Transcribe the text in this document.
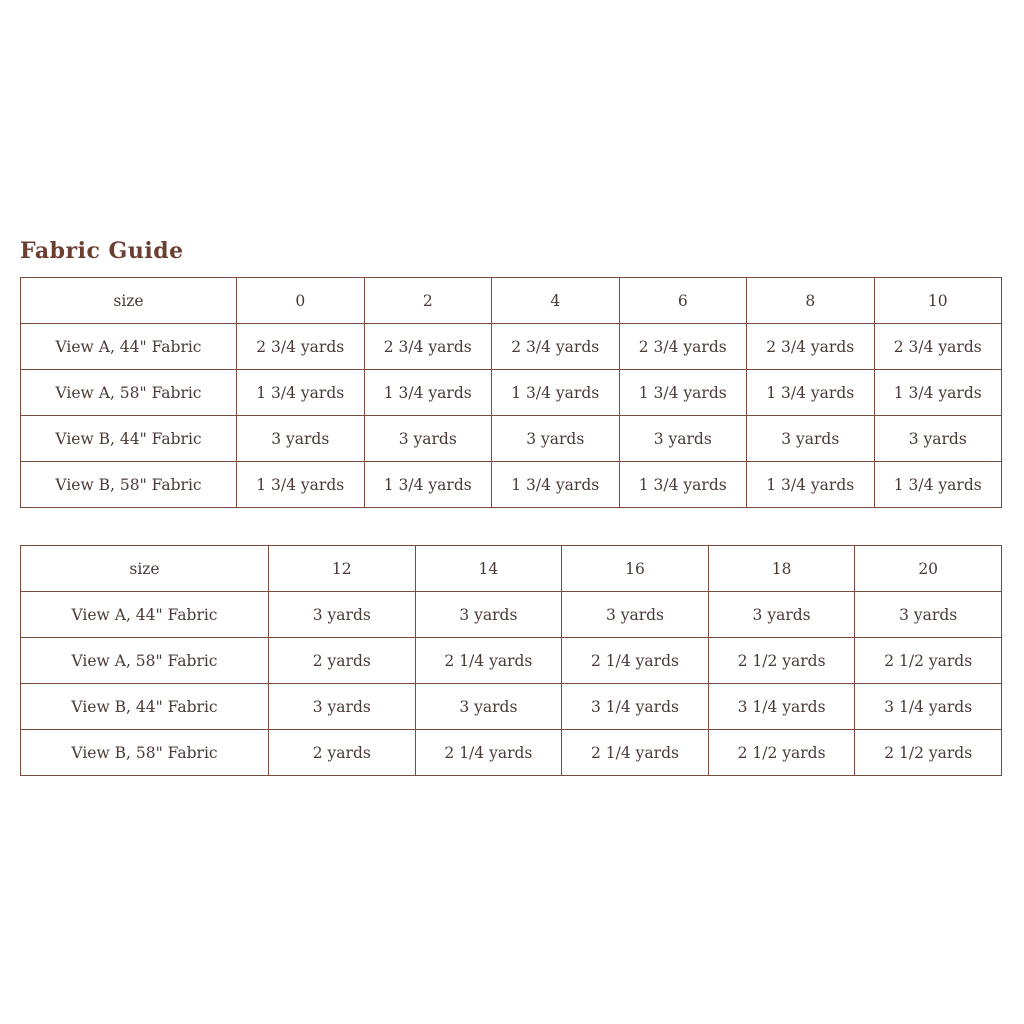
Fabric Guide
size	0	2	4	6	8	10
View A, 44" Fabric	2 3/4 yards	2 3/4 yards	2 3/4 yards	2 3/4 yards	2 3/4 yards	2 3/4 yards
View A, 58" Fabric	1 3/4 yards	1 3/4 yards	1 3/4 yards	1 3/4 yards	1 3/4 yards	1 3/4 yards
View B, 44" Fabric	3 yards	3 yards	3 yards	3 yards	3 yards	3 yards
View B, 58" Fabric	1 3/4 yards	1 3/4 yards	1 3/4 yards	1 3/4 yards	1 3/4 yards	1 3/4 yards
size	12	14	16	18	20
View A, 44" Fabric	3 yards	3 yards	3 yards	3 yards	3 yards
View A, 58" Fabric	2 yards	2 1/4 yards	2 1/4 yards	2 1/2 yards	2 1/2 yards
View B, 44" Fabric	3 yards	3 yards	3 1/4 yards	3 1/4 yards	3 1/4 yards
View B, 58" Fabric	2 yards	2 1/4 yards	2 1/4 yards	2 1/2 yards	2 1/2 yards
